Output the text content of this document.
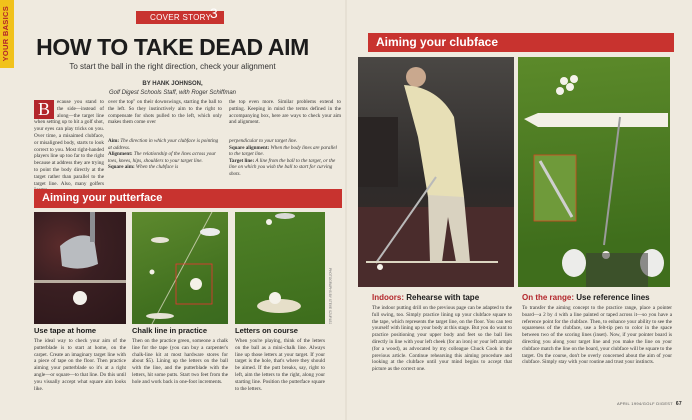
YOUR BASICS	COVER STORY
3
HOW TO TAKE DEAD AIM
To start the ball in the right direction, check your alignment
BY HANK JOHNSON,
Golf Digest Schools Staff, with Roger Schiffman
B	ecause you stand to the side—instead of along—the target line when setting up to hit a golf shot, your eyes can play tricks on you. Over time, a misaimed clubface, or misaligned body, starts to look correct to you. Most right-handed players line up too far to the right because at address they are trying to point the body directly at the target rather than parallel to the target line. Also, many golfers
over the top" on their downswings, starting the ball to the left. So they instinctively aim to the right to compensate for shots pulled to the left, which only makes them come over
the top even more. Similar problems extend to putting. Keeping in mind the terms defined in the accompanying box, here are ways to check your aim and alignment.

Aim: The direction in which your clubface is pointing at address.

Alignment: The relationship of the lines across your toes, knees, hips, shoulders to your target line.

Square aim: When the clubface is

perpendicular to your target line.

Square alignment: When the body lines are parallel to the target line.

Target line: A line from the ball to the target, or the line on which you wish the ball to start for curving shots.

Aiming your putterface
PHOTOGRAPHS BY STEVE SZURLEJ
Use tape at home
The ideal way to check your aim of the putterblade is to start at home, on the carpet. Create an imaginary target line with a piece of tape on the floor. Then practice aiming your putterblade so it's at a right angle—or square—to that line. Do this until you visually accept what square aim looks like.
Chalk line in practice
Then on the practice green, someone a chalk line for the tape (you can buy a carpenter's chalk-line kit at most hardware stores for about $5). Lining up the letters on the ball with the line, and the putterblade with the letters, hit some putts. Start two feet from the hole and work back in one-foot increments.
Letters on course
When you're playing, think of the letters on the ball as a mini-chalk line. Always line up those letters at your target. If your target is the hole, that's where they should be aimed. If the putt breaks, say, right to left, aim the letters to the right, along your starting line. Position the putterface square to the letters.
Aiming your clubface
Indoors: Rehearse with tape
The indoor putting drill on the previous page can be adapted to the full swing, too. Simply practice lining up your clubface square to the tape, which represents the target line, on the floor. You can test yourself with lining up your body at this stage. But you do want to practice positioning your upper body and feet so the ball lies directly in line with your left cheek (for an iron) or your left armpit (for a wood), as advocated by my colleague Chuck Cook in the previous article. Continue rehearsing this aiming procedure and looking at the clubface until your mind begins to accept that picture as the correct one.
On the range: Use reference lines
To transfer the aiming concept to the practice range, place a pointer board—a 2 by 4 with a line painted or taped across it—so you have a reference point for the clubface. Then, to enhance your ability to see the squareness of the clubface, use a felt-tip pen to color in the space between two of the scoring lines (inset). Now, if your pointer board is directing you along your target line and you make the line on your clubface match the line on the board, your clubface will be square to the target. On the course, don't be overly concerned about the aim of your clubface. Simply stay with your routine and trust your instincts.
APRIL 1994/GOLF DIGEST 67
